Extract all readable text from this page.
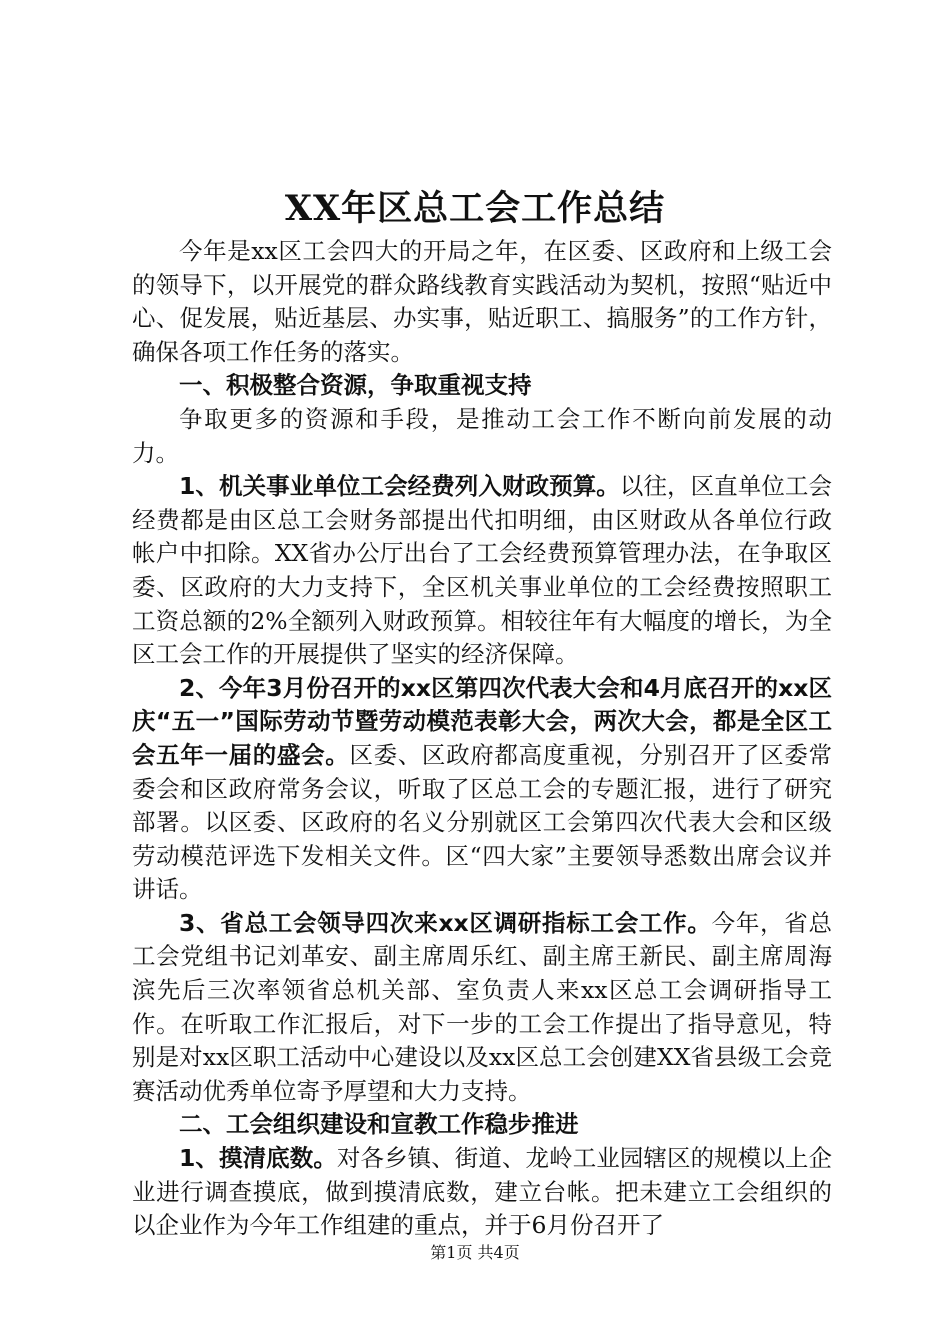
XX年区总工会工作总结

今年是xx区工会四大的开局之年，在区委、区政府和上级工会的领导下，以开展党的群众路线教育实践活动为契机，按照“贴近中心、促发展，贴近基层、办实事，贴近职工、搞服务”的工作方针，确保各项工作任务的落实。

一、积极整合资源，争取重视支持

争取更多的资源和手段，是推动工会工作不断向前发展的动力。

1、机关事业单位工会经费列入财政预算。以往，区直单位工会经费都是由区总工会财务部提出代扣明细，由区财政从各单位行政帐户中扣除。XX省办公厅出台了工会经费预算管理办法，在争取区委、区政府的大力支持下，全区机关事业单位的工会经费按照职工工资总额的2%全额列入财政预算。相较往年有大幅度的增长，为全区工会工作的开展提供了坚实的经济保障。

2、今年3月份召开的xx区第四次代表大会和4月底召开的xx区庆“五一”国际劳动节暨劳动模范表彰大会，两次大会，都是全区工会五年一届的盛会。区委、区政府都高度重视，分别召开了区委常委会和区政府常务会议，听取了区总工会的专题汇报，进行了研究部署。以区委、区政府的名义分别就区工会第四次代表大会和区级劳动模范评选下发相关文件。区“四大家”主要领导悉数出席会议并讲话。

3、省总工会领导四次来xx区调研指标工会工作。今年，省总工会党组书记刘革安、副主席周乐红、副主席王新民、副主席周海滨先后三次率领省总机关部、室负责人来xx区总工会调研指导工作。在听取工作汇报后，对下一步的工会工作提出了指导意见，特别是对xx区职工活动中心建设以及xx区总工会创建XX省县级工会竞赛活动优秀单位寄予厚望和大力支持。

二、工会组织建设和宣教工作稳步推进

1、摸清底数。对各乡镇、街道、龙岭工业园辖区的规模以上企业进行调查摸底，做到摸清底数，建立台帐。把未建立工会组织的以企业作为今年工作组建的重点，并于6月份召开了

第1页 共4页
